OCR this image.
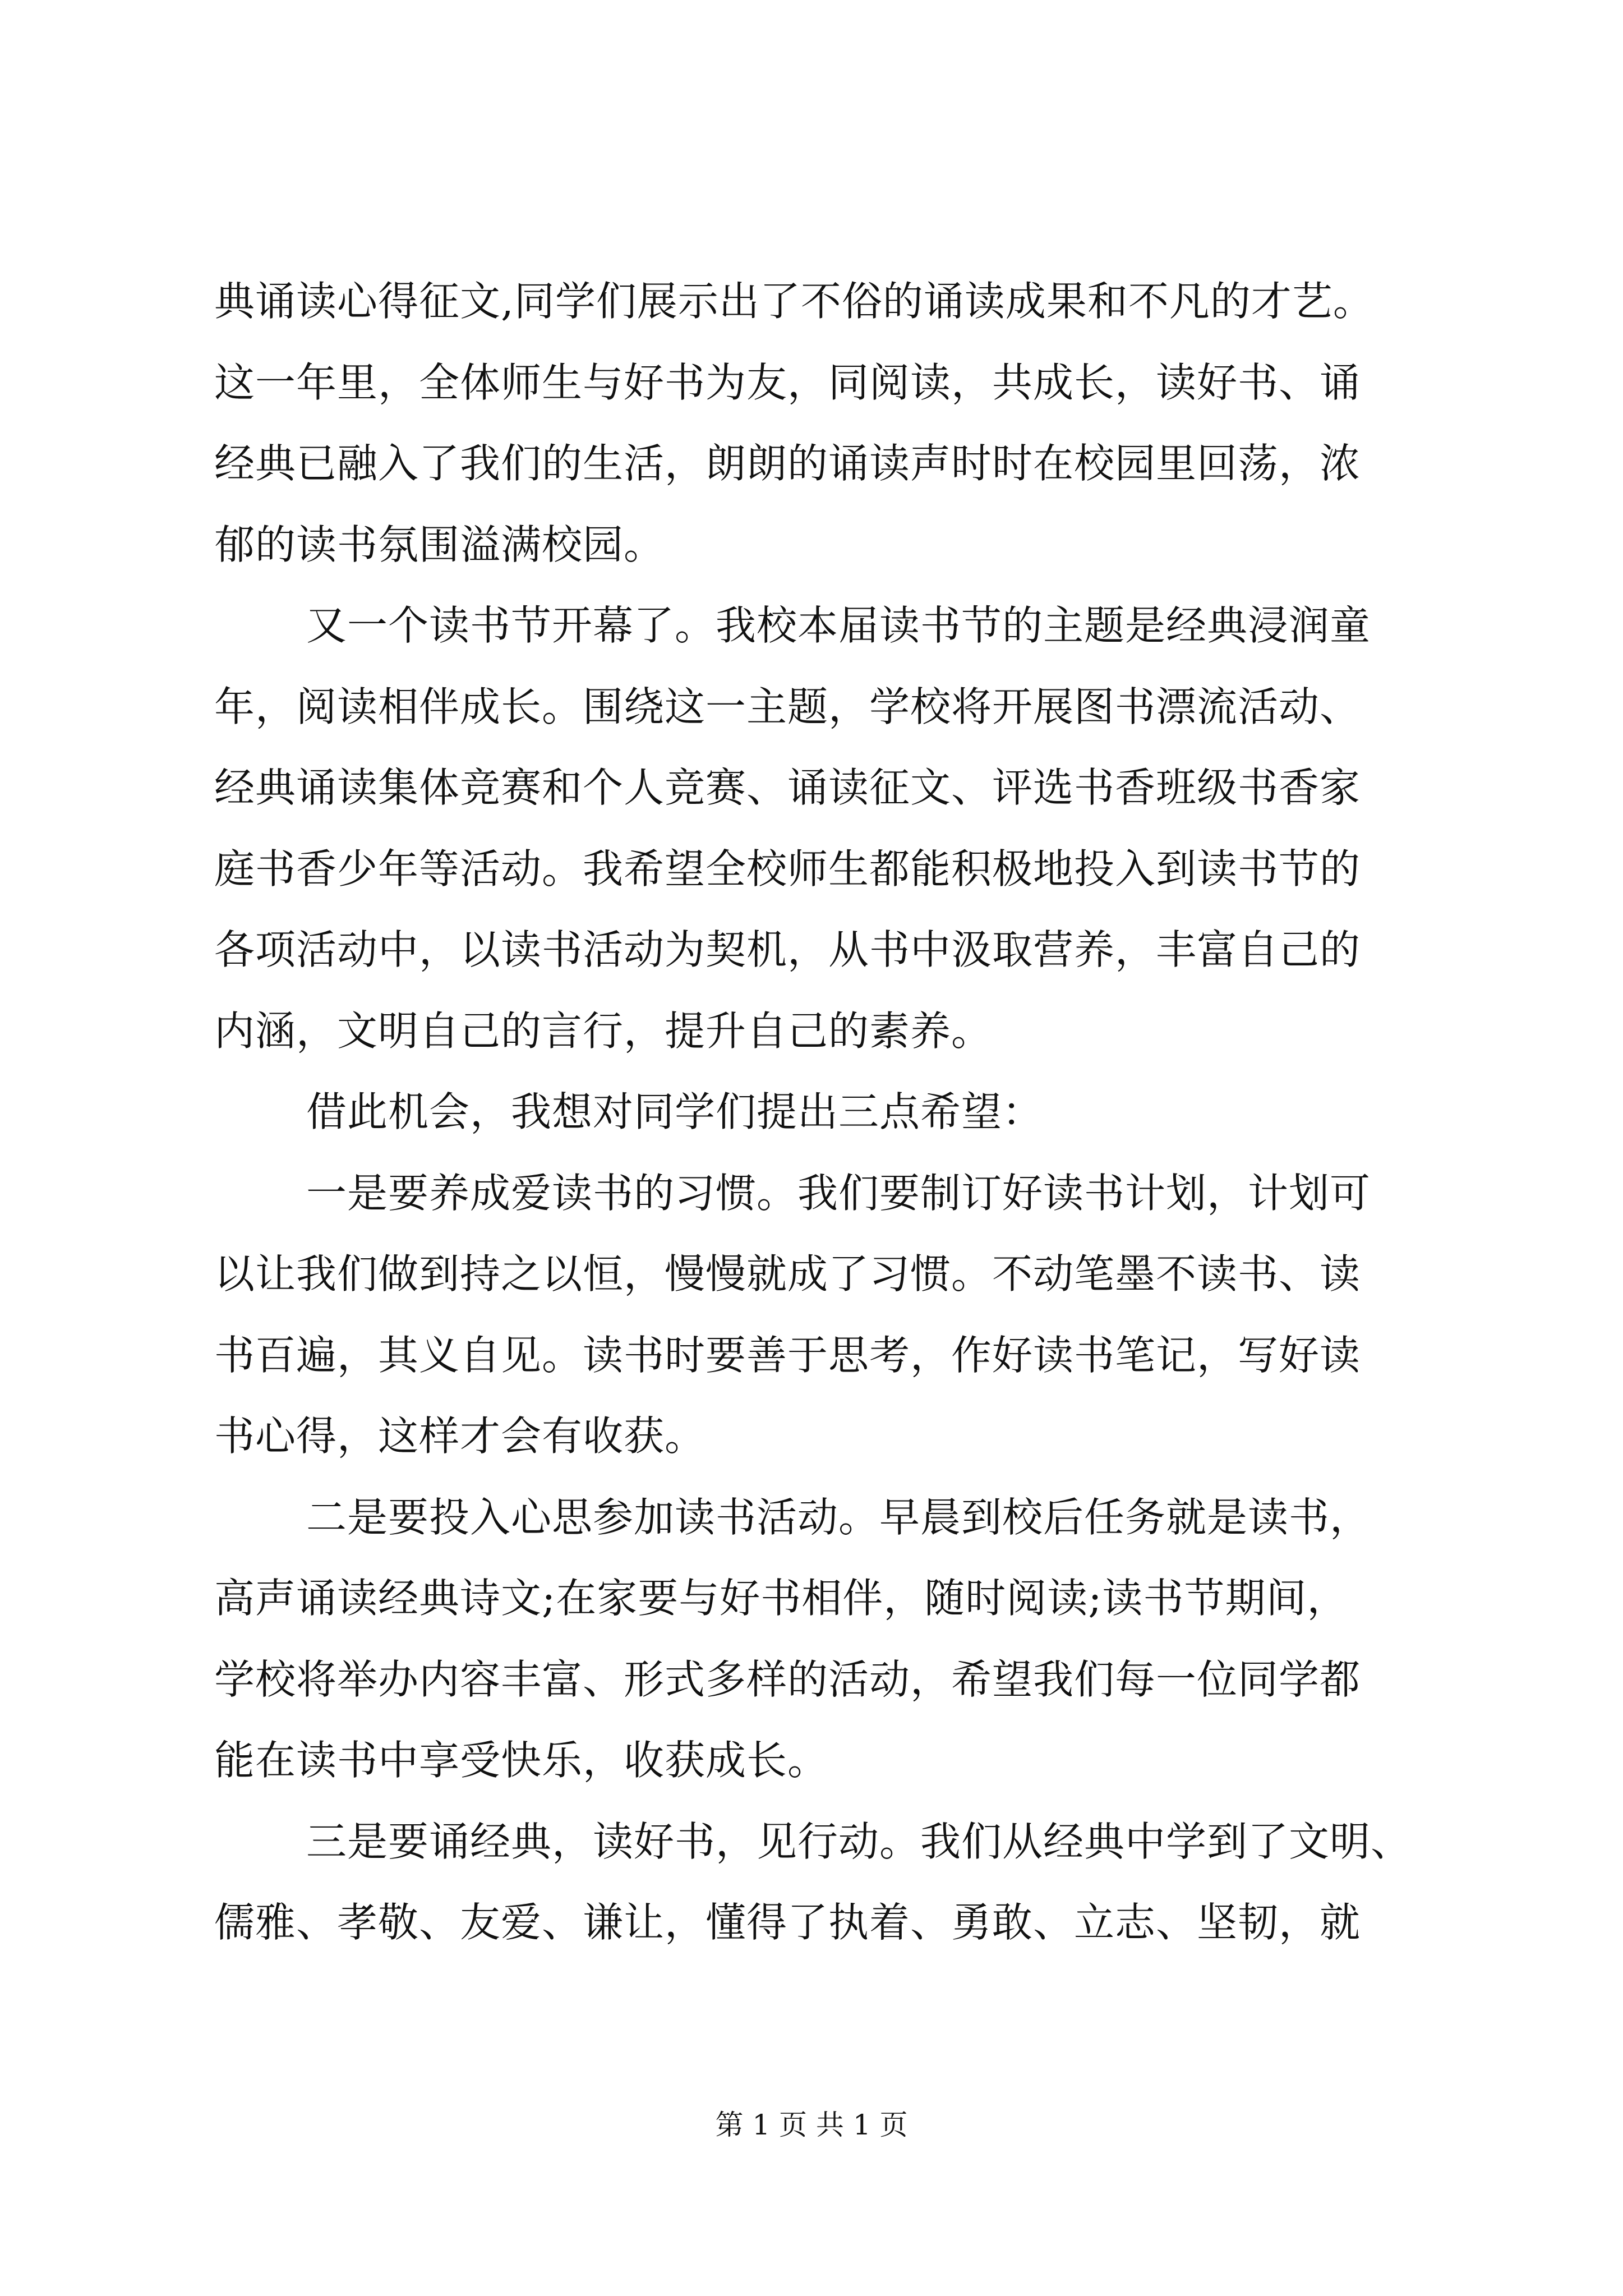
典诵读心得征文,同学们展示出了不俗的诵读成果和不凡的才艺。
这一年里，全体师生与好书为友，同阅读，共成长，读好书、诵
经典已融入了我们的生活，朗朗的诵读声时时在校园里回荡，浓
郁的读书氛围溢满校园。
又一个读书节开幕了。我校本届读书节的主题是经典浸润童
年，阅读相伴成长。围绕这一主题，学校将开展图书漂流活动、
经典诵读集体竞赛和个人竞赛、诵读征文、评选书香班级书香家
庭书香少年等活动。我希望全校师生都能积极地投入到读书节的
各项活动中，以读书活动为契机，从书中汲取营养，丰富自己的
内涵，文明自己的言行，提升自己的素养。
借此机会，我想对同学们提出三点希望：
一是要养成爱读书的习惯。我们要制订好读书计划，计划可
以让我们做到持之以恒，慢慢就成了习惯。不动笔墨不读书、读
书百遍，其义自见。读书时要善于思考，作好读书笔记，写好读
书心得，这样才会有收获。
二是要投入心思参加读书活动。早晨到校后任务就是读书，
高声诵读经典诗文;在家要与好书相伴，随时阅读;读书节期间，
学校将举办内容丰富、形式多样的活动，希望我们每一位同学都
能在读书中享受快乐，收获成长。
三是要诵经典，读好书，见行动。我们从经典中学到了文明、
儒雅、孝敬、友爱、谦让，懂得了执着、勇敢、立志、坚韧，就
第 1 页 共 1 页
